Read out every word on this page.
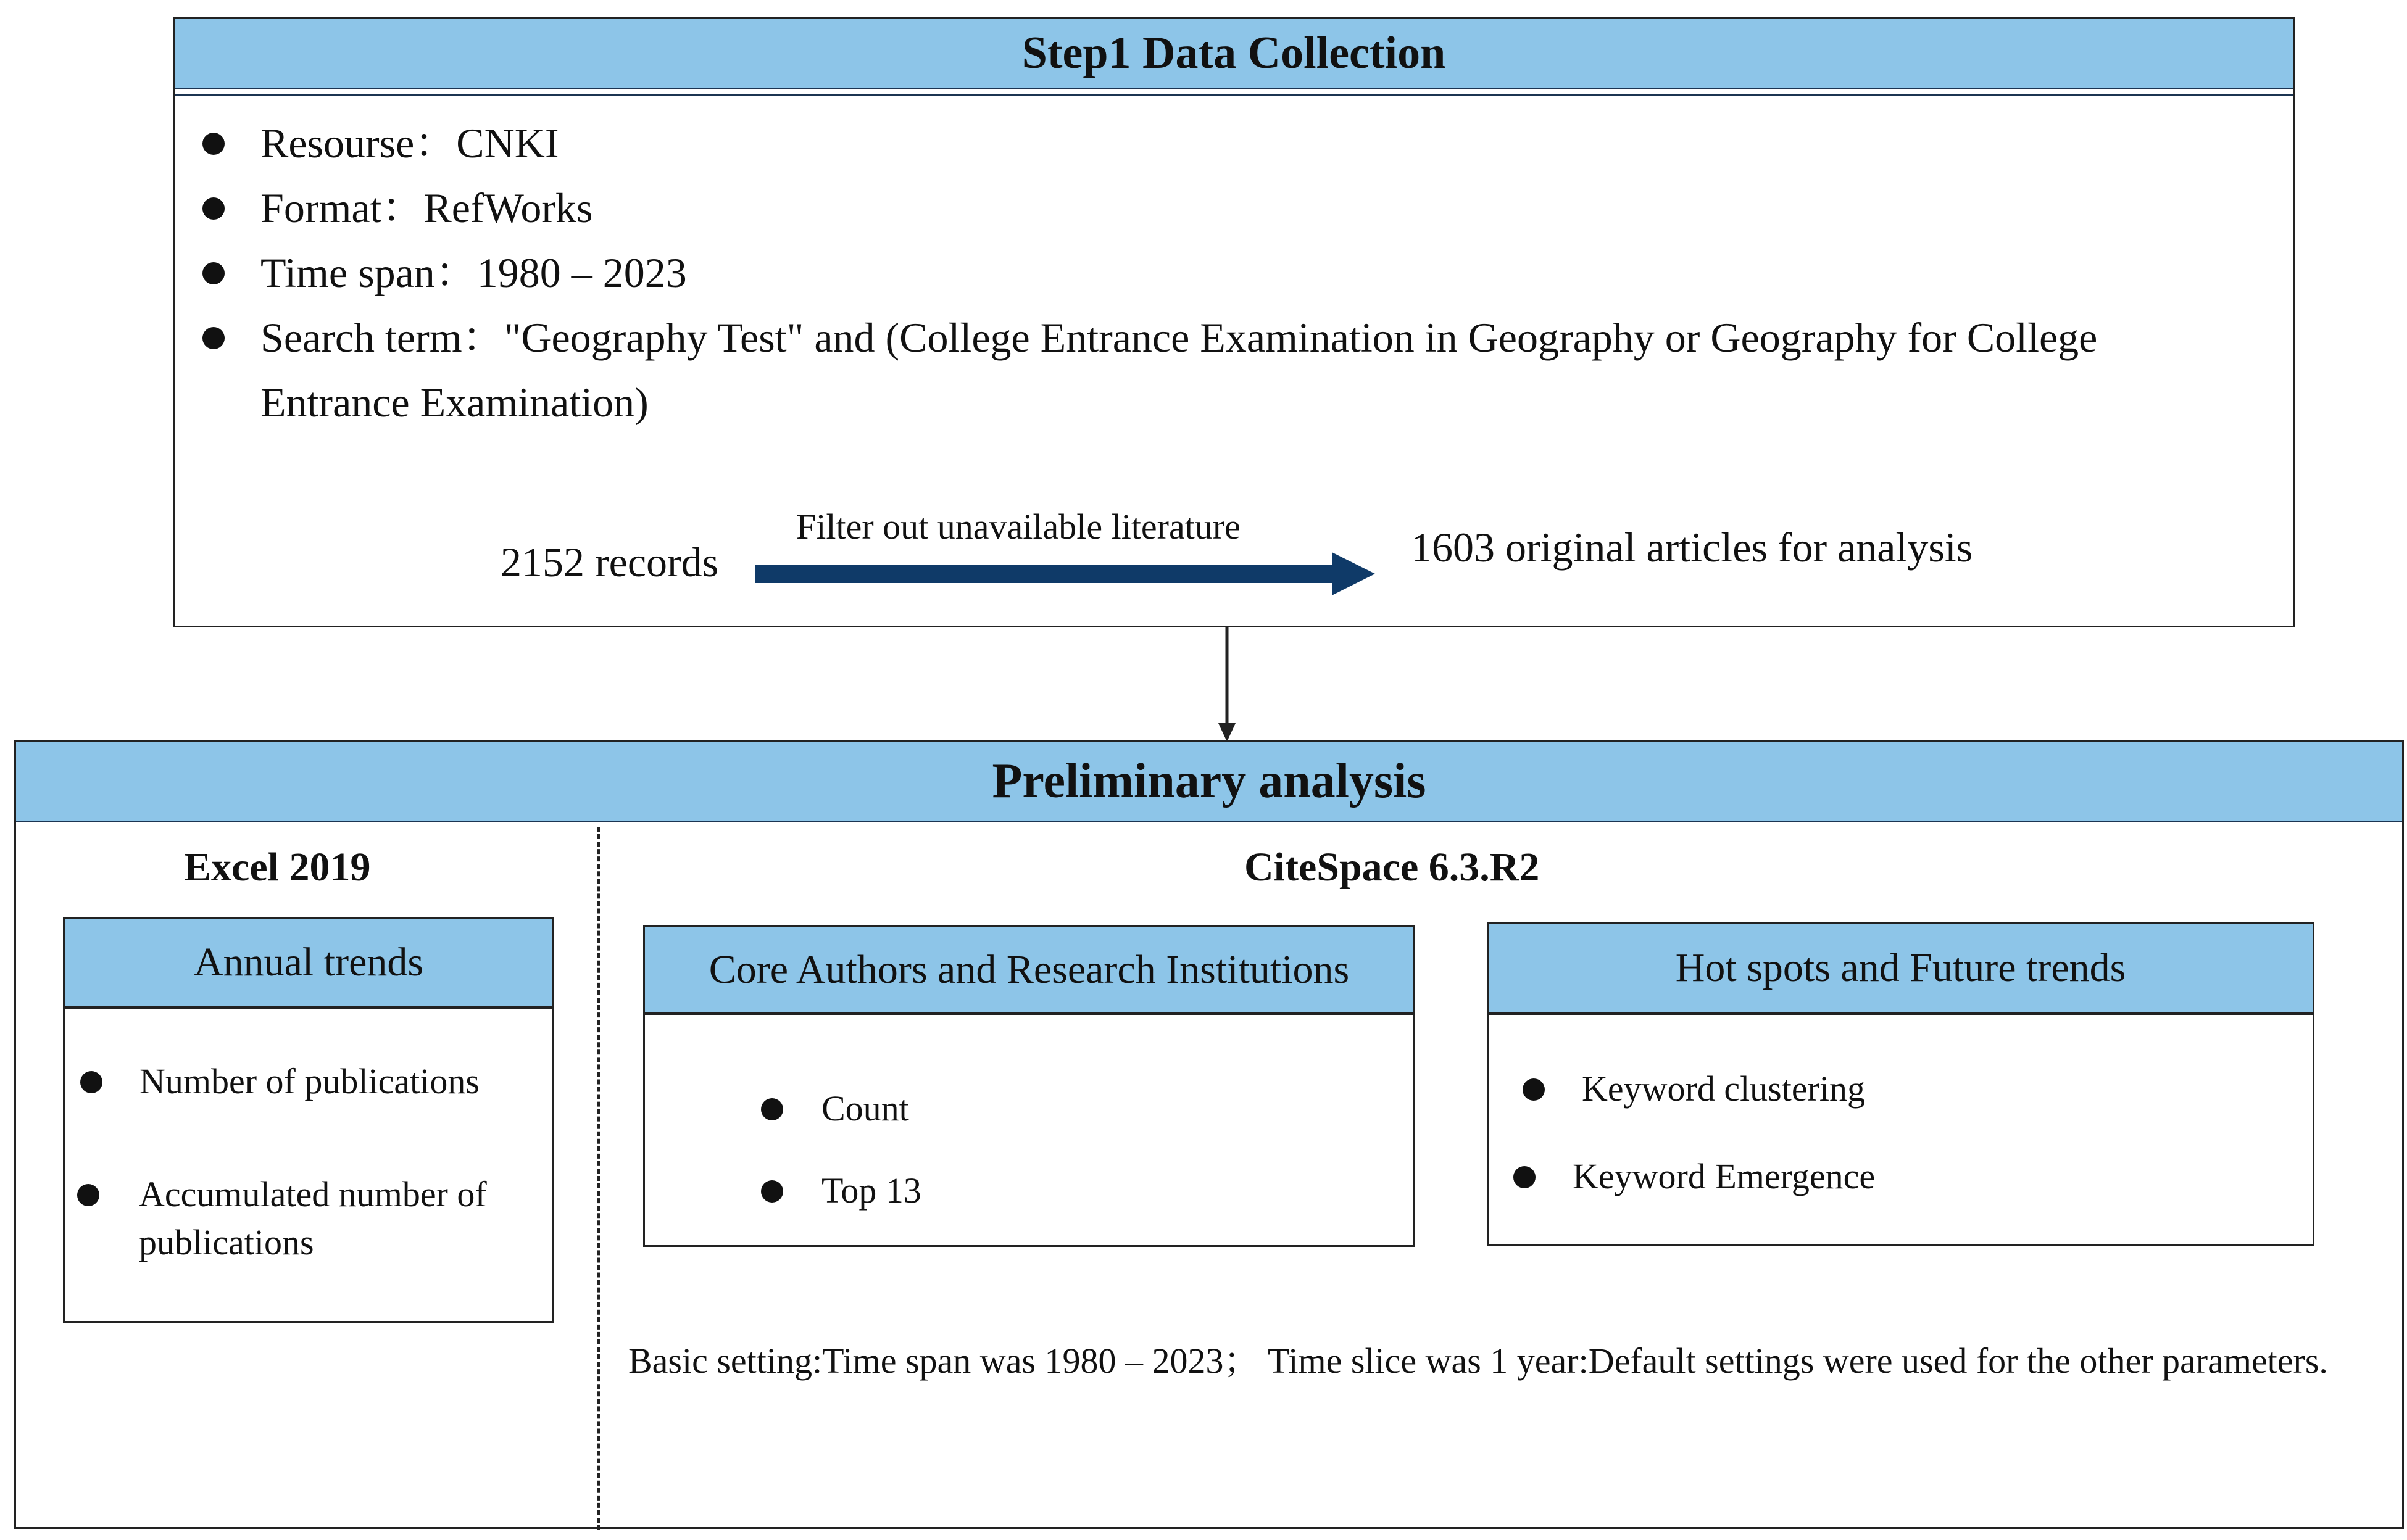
Step1 Data Collection
Resourse：CNKI
Format：RefWorks
Time span：1980 – 2023
Search term："Geography Test" and (College Entrance Examination in Geography or Geography for College Entrance Examination)
2152 records
Filter out unavailable literature	1603 original articles for analysis
Preliminary analysis
Excel 2019	CiteSpace 6.3.R2
Annual trends
Number of publications
Accumulated number of publications
Core Authors and Research Institutions
Count
Top 13
Hot spots and Future trends
Keyword clustering
Keyword Emergence
Basic setting:Time span was 1980 – 2023； Time slice was 1 year:Default settings were used for the other parameters.
